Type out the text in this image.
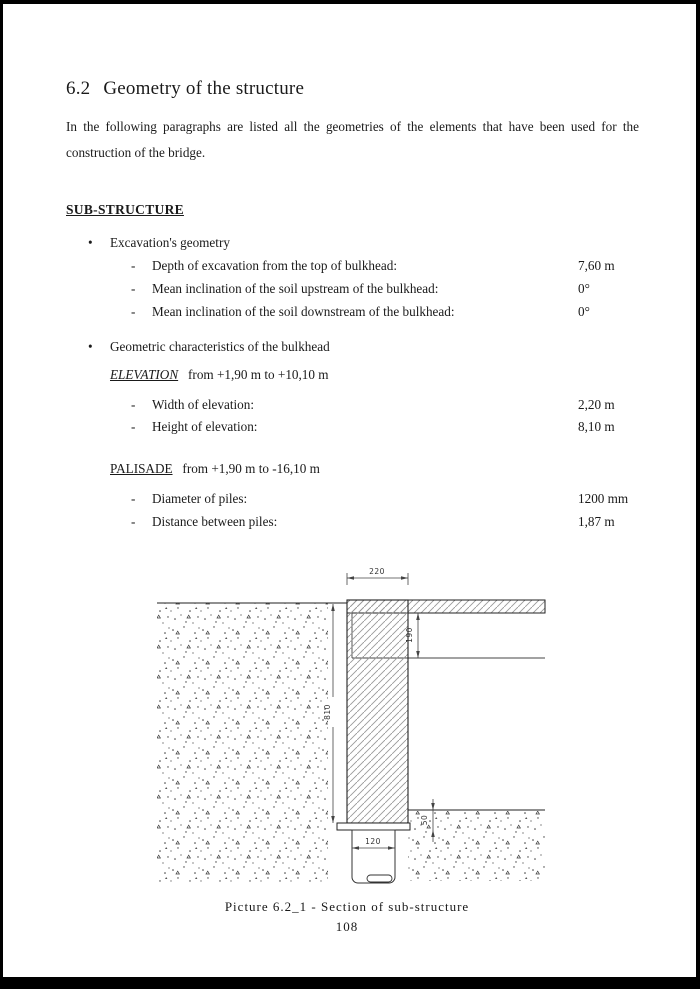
6.2 Geometry of the structure
In the following paragraphs are listed all the geometries of the elements that have been used for the construction of the bridge.
SUB-STRUCTURE
• Excavation's geometry
- Depth of excavation from the top of bulkhead:	7,60 m
- Mean inclination of the soil upstream of the bulkhead:	0°
- Mean inclination of the soil downstream of the bulkhead:	0°
• Geometric characteristics of the bulkhead
ELEVATION from +1,90 m to +10,10 m
- Width of elevation:	2,20 m
- Height of elevation:	8,10 m
PALISADE from +1,90 m to -16,10 m
- Diameter of piles:	1200 mm
- Distance between piles:	1,87 m
220
190
810
120
50
Picture 6.2_1 - Section of sub-structure
108
